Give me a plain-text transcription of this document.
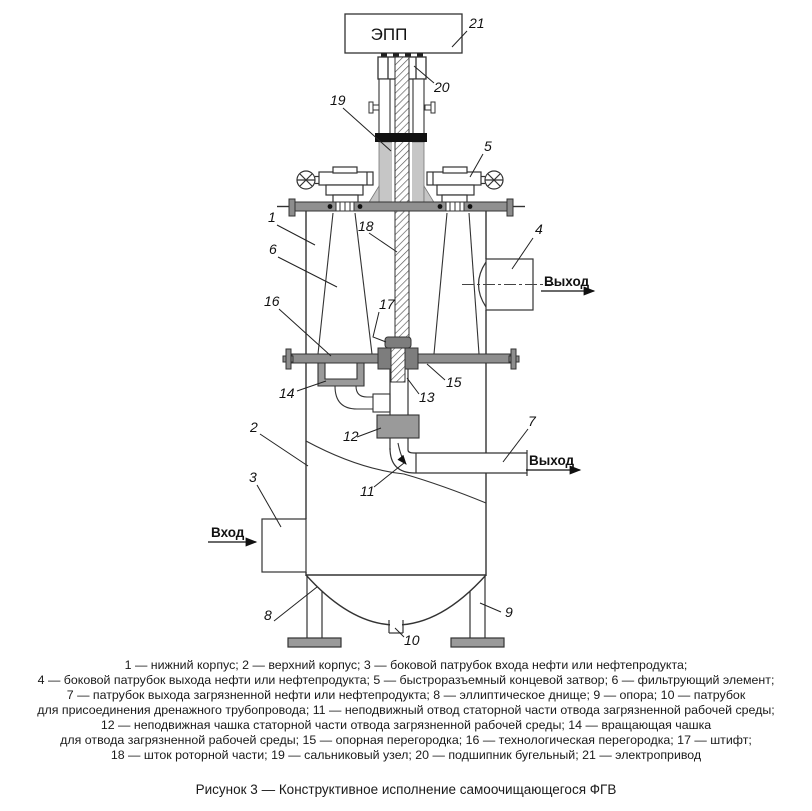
ЭПП
Вход
Выход
Выход
1
6
16
14
2
3
8
10
9
11
12
7
13
15
17
18
19
5
20
21
4
1 — нижний корпус; 2 — верхний корпус; 3 — боковой патрубок входа нефти или нефтепродукта;
4 — боковой патрубок выхода нефти или нефтепродукта; 5 — быстроразъемный концевой затвор; 6 — фильтрующий элемент;
7 — патрубок выхода загрязненной нефти или нефтепродукта; 8 — эллиптическое днище; 9 — опора; 10 — патрубок
для присоединения дренажного трубопровода; 11 — неподвижный отвод статорной части отвода загрязненной рабочей среды;
12 — неподвижная чашка статорной части отвода загрязненной рабочей среды; 14 — вращающая чашка
для отвода загрязненной рабочей среды; 15 — опорная перегородка; 16 — технологическая перегородка; 17 — штифт;
18 — шток роторной части; 19 — сальниковый узел; 20 — подшипник бугельный; 21 — электропривод
Рисунок 3 — Конструктивное исполнение самоочищающегося ФГВ
